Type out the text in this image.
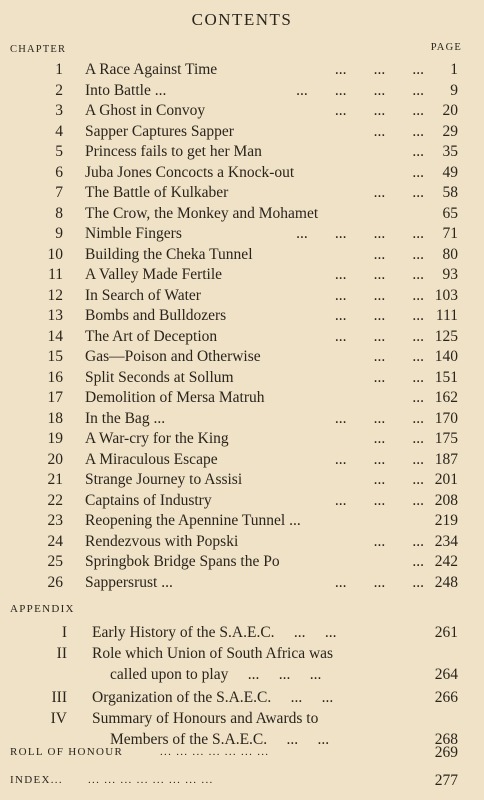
CONTENTS
CHAPTER	PAGE
1 A Race Against Time	...       ...       ... 1
2 Into Battle ...	...       ...       ...       ... 9
3 A Ghost in Convoy	...       ...       ... 20
4 Sapper Captures Sapper	...       ... 29
5 Princess fails to get her Man	... 35
6 Juba Jones Concocts a Knock-out	... 49
7 The Battle of Kulkaber	...       ... 58
8 The Crow, the Monkey and Mohamet	65
9 Nimble Fingers	...       ...       ...       ... 71
10 Building the Cheka Tunnel	...       ... 80
11 A Valley Made Fertile	...       ...       ... 93
12 In Search of Water	...       ...       ... 103
13 Bombs and Bulldozers	...       ...       ... 111
14 The Art of Deception	...       ...       ... 125
15 Gas—Poison and Otherwise	...       ... 140
16 Split Seconds at Sollum	...       ... 151
17 Demolition of Mersa Matruh	... 162
18 In the Bag ...	...       ...       ... 170
19 A War-cry for the King	...       ... 175
20 A Miraculous Escape	...       ...       ... 187
21 Strange Journey to Assisi	...       ... 201
22 Captains of Industry	...       ...       ... 208
23 Reopening the Apennine Tunnel ...	219
24 Rendezvous with Popski	...       ... 234
25 Springbok Bridge Spans the Po	... 242
26 Sappersrust ...	...       ...       ... 248
APPENDIX
I Early History of the S.A.E.C.     ...     ...	261
II Role which Union of South Africa was
called upon to play     ...     ...     ...	264
III Organization of the S.A.E.C.     ...     ...	266
IV Summary of Honours and Awards to
Members of the S.A.E.C.     ...     ...	268
ROLL OF HONOUR	... ... ... ... ... ... ...	269
INDEX... ... ... ... ... ... ... ... ...	277
